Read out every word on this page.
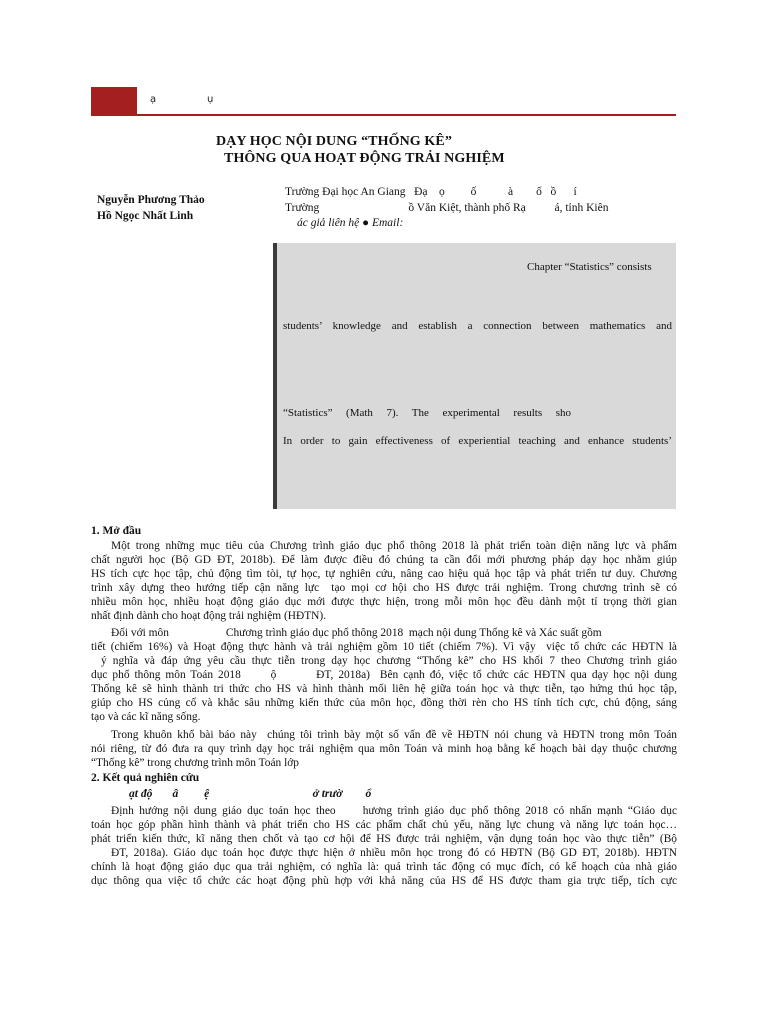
ạ	ụ
DẠY HỌC NỘI DUNG “THỐNG KÊ”
THÔNG QUA HOẠT ĐỘNG TRẢI NGHIỆM
Nguyễn Phương Thảo
Hồ Ngọc Nhất Linh
Trường Đại học An Giang   Đạ    ọ         ố           à        ố   ồ      í
Trường                               ồ Văn Kiệt, thành phố Rạ          á, tỉnh Kiên
ác giả liên hệ ● Email:
Chapter “Statistics” consists
students’ knowledge and establish a connection between mathematics and
“Statistics” (Math 7). The experimental results sho
In order to gain effectiveness of experiential teaching and enhance students’
1. Mở đầu
Một trong những mục tiêu của Chương trình giáo dục phổ thông 2018 là phát triển toàn diện năng lực và phẩm
chất người học (Bộ GD ĐT, 2018b). Để làm được điều đó chúng ta cần đổi mới phương pháp dạy học nhằm giúp
HS tích cực học tập, chủ động tìm tòi, tự học, tự nghiên cứu, nâng cao hiệu quả học tập và phát triển tư duy. Chương
trình xây dựng theo hướng tiếp cận năng lực  tạo mọi cơ hội cho HS được trải nghiệm. Trong chương trình sẽ có
nhiều môn học, nhiều hoạt động giáo dục mới được thực hiện, trong mỗi môn học đều dành một tỉ trọng thời gian
nhất định dành cho hoạt động trải nghiệm (HĐTN).
Đối với môn                    Chương trình giáo dục phổ thông 2018  mạch nội dung Thống kê và Xác suất gồm
tiết (chiếm 16%) và Hoạt động thực hành và trải nghiệm gồm 10 tiết (chiếm 7%). Vì vậy  việc tổ chức các HĐTN là
ý nghĩa và đáp ứng yêu cầu thực tiễn trong dạy học chương “Thống kê” cho HS khối 7 theo Chương trình giáo
dục phổ thông môn Toán 2018      ộ        ĐT, 2018a)  Bên cạnh đó, việc tổ chức các HĐTN qua dạy học nội dung
Thống kê sẽ hình thành tri thức cho HS và hình thành mối liên hệ giữa toán học và thực tiễn, tạo hứng thú học tập,
giúp cho HS củng cố và khắc sâu những kiến thức của môn học, đồng thời rèn cho HS tính tích cực, chủ động, sáng
tạo và các kĩ năng sống.
Trong khuôn khổ bài báo này  chúng tôi trình bày một số vấn đề về HĐTN nói chung và HĐTN trong môn Toán
nói riêng, từ đó đưa ra quy trình dạy học trải nghiệm qua môn Toán và minh hoạ bằng kế hoạch bài dạy thuộc chương
“Thống kê” trong chương trình môn Toán lớp
2. Kết quả nghiên cứu
ạt độ       â         ệ                                    ở trườ        ổ
Định hướng nội dung giáo dục toán học theo     hương trình giáo dục phổ thông 2018 có nhấn mạnh “Giáo dục
toán học góp phần hình thành và phát triển cho HS các phẩm chất chủ yếu, năng lực chung và năng lực toán học…
phát triển kiến thức, kĩ năng then chốt và tạo cơ hội để HS được trải nghiệm, vận dụng toán học vào thực tiễn” (Bộ
ĐT, 2018a). Giáo dục toán học được thực hiện ở nhiều môn học trong đó có HĐTN (Bộ GD ĐT, 2018b). HĐTN
chính là hoạt động giáo dục qua trải nghiệm, có nghĩa là: quá trình tác động có mục đích, có kế hoạch của nhà giáo
dục thông qua việc tổ chức các hoạt động phù hợp với khả năng của HS để HS được tham gia trực tiếp, tích cực
